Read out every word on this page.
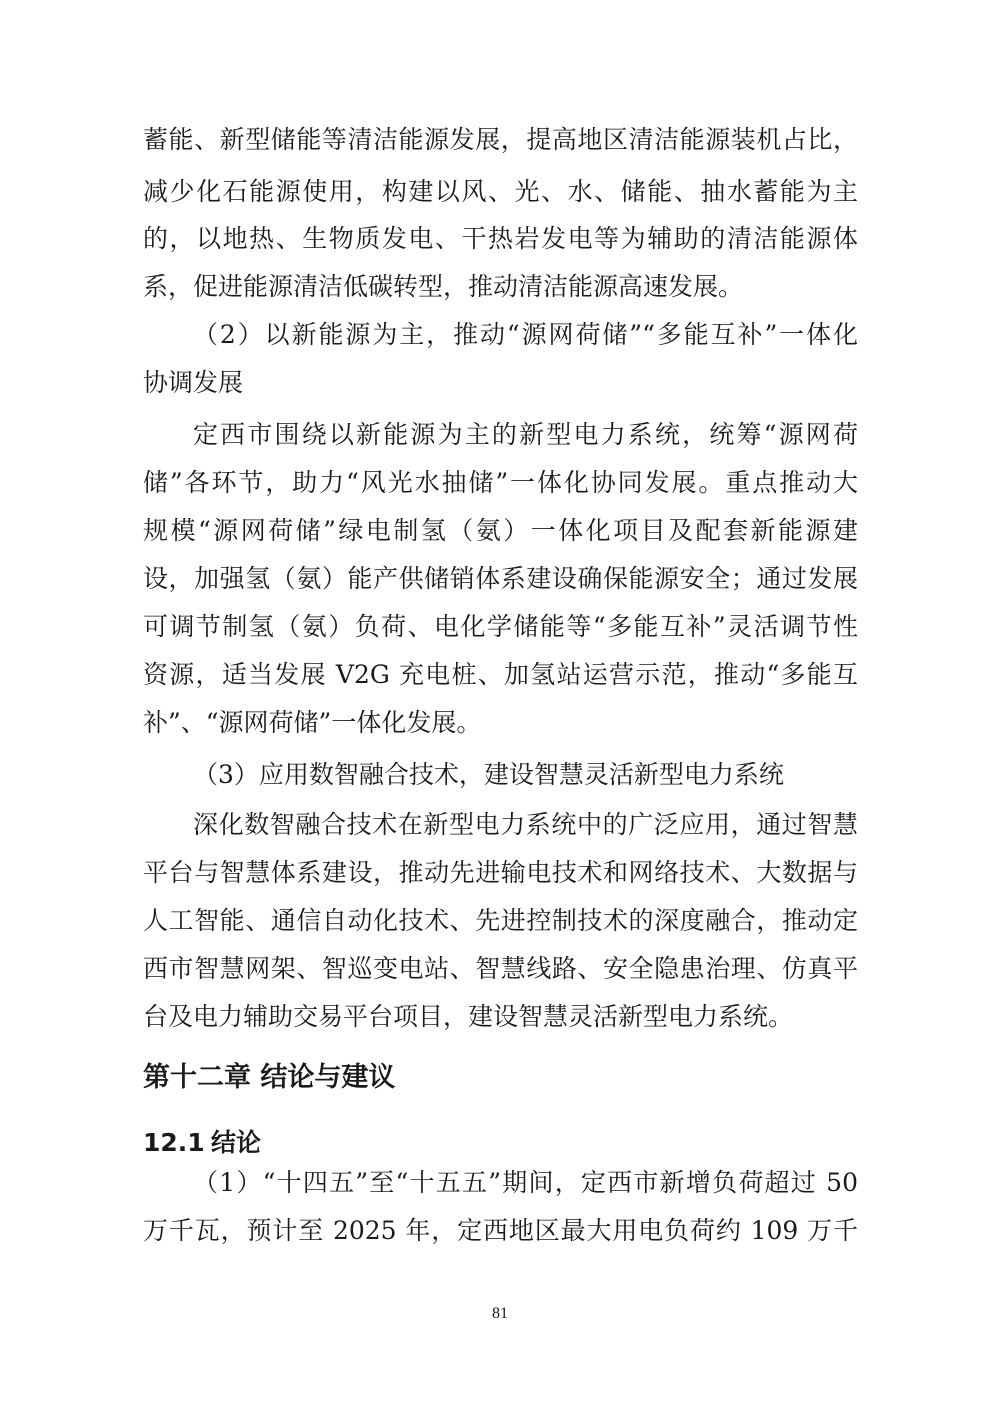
蓄能、新型储能等清洁能源发展，提高地区清洁能源装机占比，
减少化石能源使用，构建以风、光、水、储能、抽水蓄能为主
的，以地热、生物质发电、干热岩发电等为辅助的清洁能源体
系，促进能源清洁低碳转型，推动清洁能源高速发展。
（2）以新能源为主，推动“源网荷储”“多能互补”一体化
协调发展
定西市围绕以新能源为主的新型电力系统，统筹“源网荷
储”各环节，助力“风光水抽储”一体化协同发展。重点推动大
规模“源网荷储”绿电制氢（氨）一体化项目及配套新能源建
设，加强氢（氨）能产供储销体系建设确保能源安全；通过发展
可调节制氢（氨）负荷、电化学储能等“多能互补”灵活调节性
资源，适当发展 V2G 充电桩、加氢站运营示范，推动“多能互
补”、“源网荷储”一体化发展。
（3）应用数智融合技术，建设智慧灵活新型电力系统
深化数智融合技术在新型电力系统中的广泛应用，通过智慧
平台与智慧体系建设，推动先进输电技术和网络技术、大数据与
人工智能、通信自动化技术、先进控制技术的深度融合，推动定
西市智慧网架、智巡变电站、智慧线路、安全隐患治理、仿真平
台及电力辅助交易平台项目，建设智慧灵活新型电力系统。
第十二章 结论与建议
12.1 结论
（1）“十四五”至“十五五”期间，定西市新增负荷超过 50
万千瓦，预计至 2025 年，定西地区最大用电负荷约 109 万千
81
